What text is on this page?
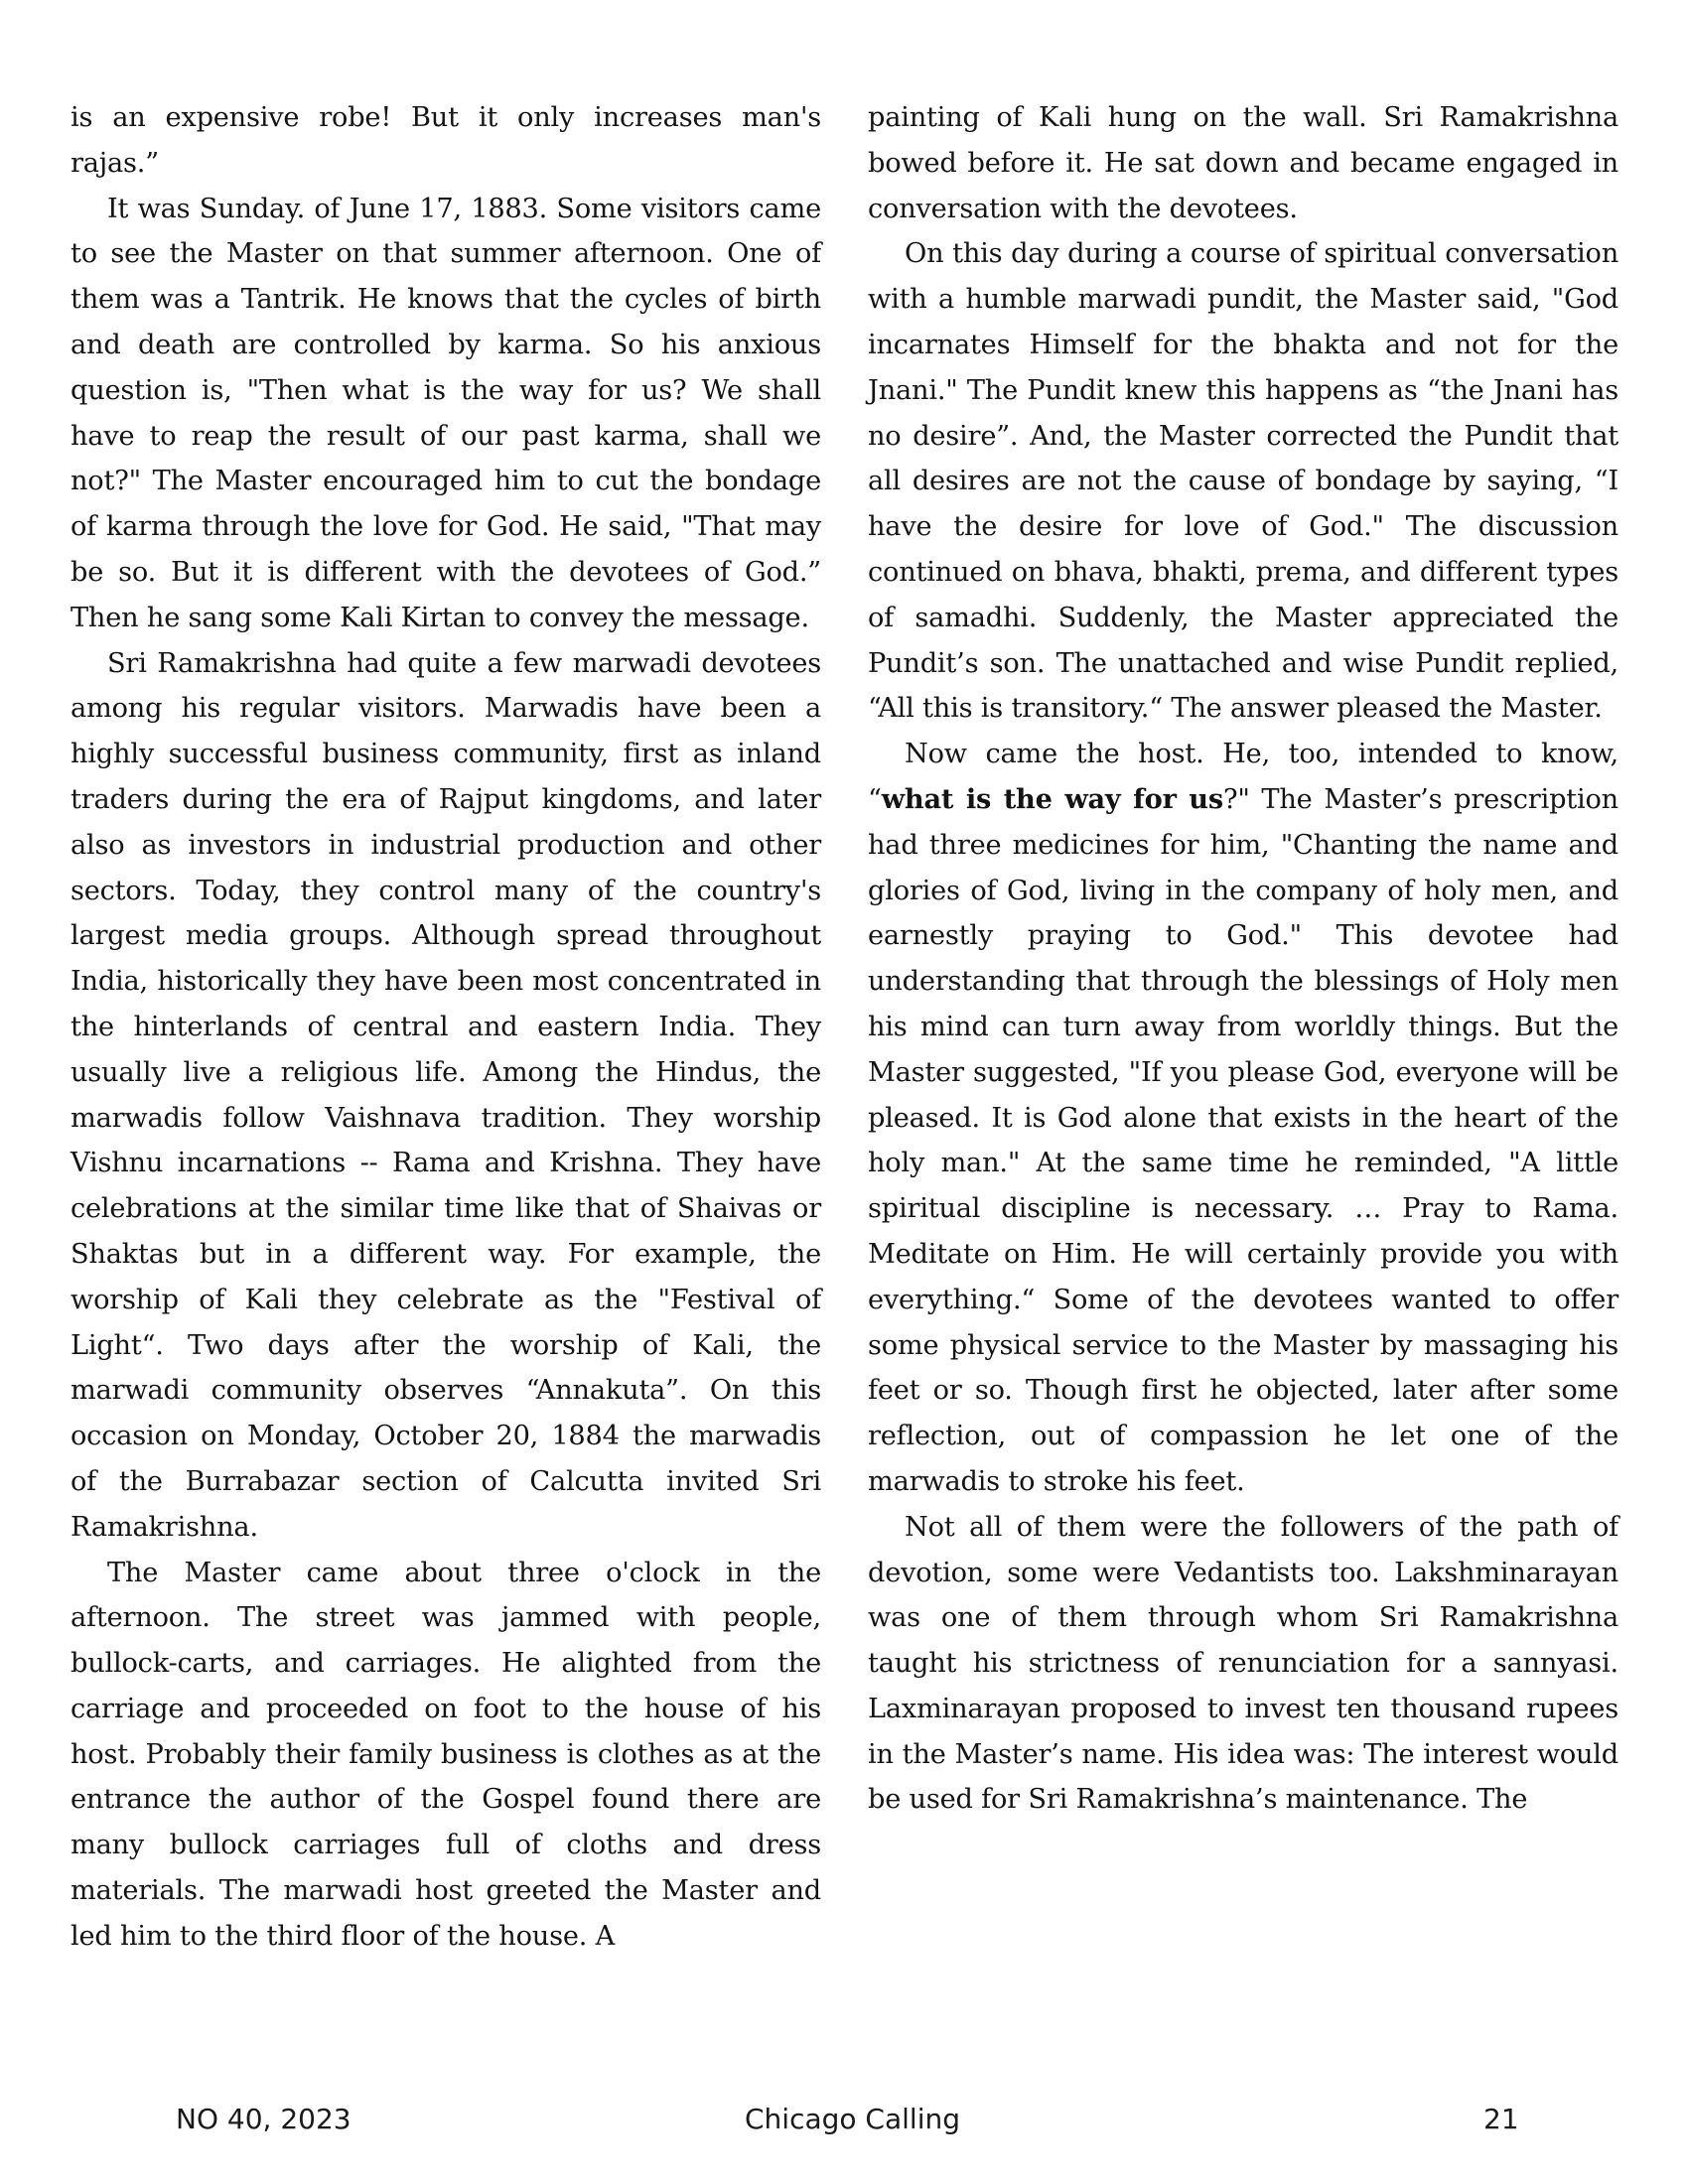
is an expensive robe! But it only increases man's rajas.”

It was Sunday. of June 17, 1883. Some visitors came to see the Master on that summer afternoon. One of them was a Tantrik. He knows that the cycles of birth and death are controlled by karma. So his anxious question is, "Then what is the way for us? We shall have to reap the result of our past karma, shall we not?" The Master encouraged him to cut the bondage of karma through the love for God. He said, "That may be so. But it is different with the devotees of God.” Then he sang some Kali Kirtan to convey the message.

Sri Ramakrishna had quite a few marwadi devotees among his regular visitors. Marwadis have been a highly successful business community, first as inland traders during the era of Rajput kingdoms, and later also as investors in industrial production and other sectors. Today, they control many of the country's largest media groups. Although spread throughout India, historically they have been most concentrated in the hinterlands of central and eastern India. They usually live a religious life. Among the Hindus, the marwadis follow Vaishnava tradition. They worship Vishnu incarnations -- Rama and Krishna. They have celebrations at the similar time like that of Shaivas or Shaktas but in a different way. For example, the worship of Kali they celebrate as the "Festival of Light“. Two days after the worship of Kali, the marwadi community observes “Annakuta”. On this occasion on Monday, October 20, 1884 the marwadis of the Burrabazar section of Calcutta invited Sri Ramakrishna.

The Master came about three o'clock in the afternoon. The street was jammed with people, bullock-carts, and carriages. He alighted from the carriage and proceeded on foot to the house of his host. Probably their family business is clothes as at the entrance the author of the Gospel found there are many bullock carriages full of cloths and dress materials. The marwadi host greeted the Master and led him to the third floor of the house. A

painting of Kali hung on the wall. Sri Ramakrishna bowed before it. He sat down and became engaged in conversation with the devotees.

On this day during a course of spiritual conversation with a humble marwadi pundit, the Master said, "God incarnates Himself for the bhakta and not for the Jnani." The Pundit knew this happens as “the Jnani has no desire”. And, the Master corrected the Pundit that all desires are not the cause of bondage by saying, “I have the desire for love of God." The discussion continued on bhava, bhakti, prema, and different types of samadhi. Suddenly, the Master appreciated the Pundit’s son. The unattached and wise Pundit replied, “All this is transitory.“ The answer pleased the Master.

Now came the host. He, too, intended to know, “what is the way for us?" The Master’s prescription had three medicines for him, "Chanting the name and glories of God, living in the company of holy men, and earnestly praying to God." This devotee had understanding that through the blessings of Holy men his mind can turn away from worldly things. But the Master suggested, "If you please God, everyone will be pleased. It is God alone that exists in the heart of the holy man." At the same time he reminded, "A little spiritual discipline is necessary. … Pray to Rama. Meditate on Him. He will certainly provide you with everything.“ Some of the devotees wanted to offer some physical service to the Master by massaging his feet or so. Though first he objected, later after some reflection, out of compassion he let one of the marwadis to stroke his feet.

Not all of them were the followers of the path of devotion, some were Vedantists too. Lakshminarayan was one of them through whom Sri Ramakrishna taught his strictness of renunciation for a sannyasi. Laxminarayan proposed to invest ten thousand rupees in the Master’s name. His idea was: The interest would be used for Sri Ramakrishna’s maintenance. The

NO 40, 2023	Chicago Calling	21
